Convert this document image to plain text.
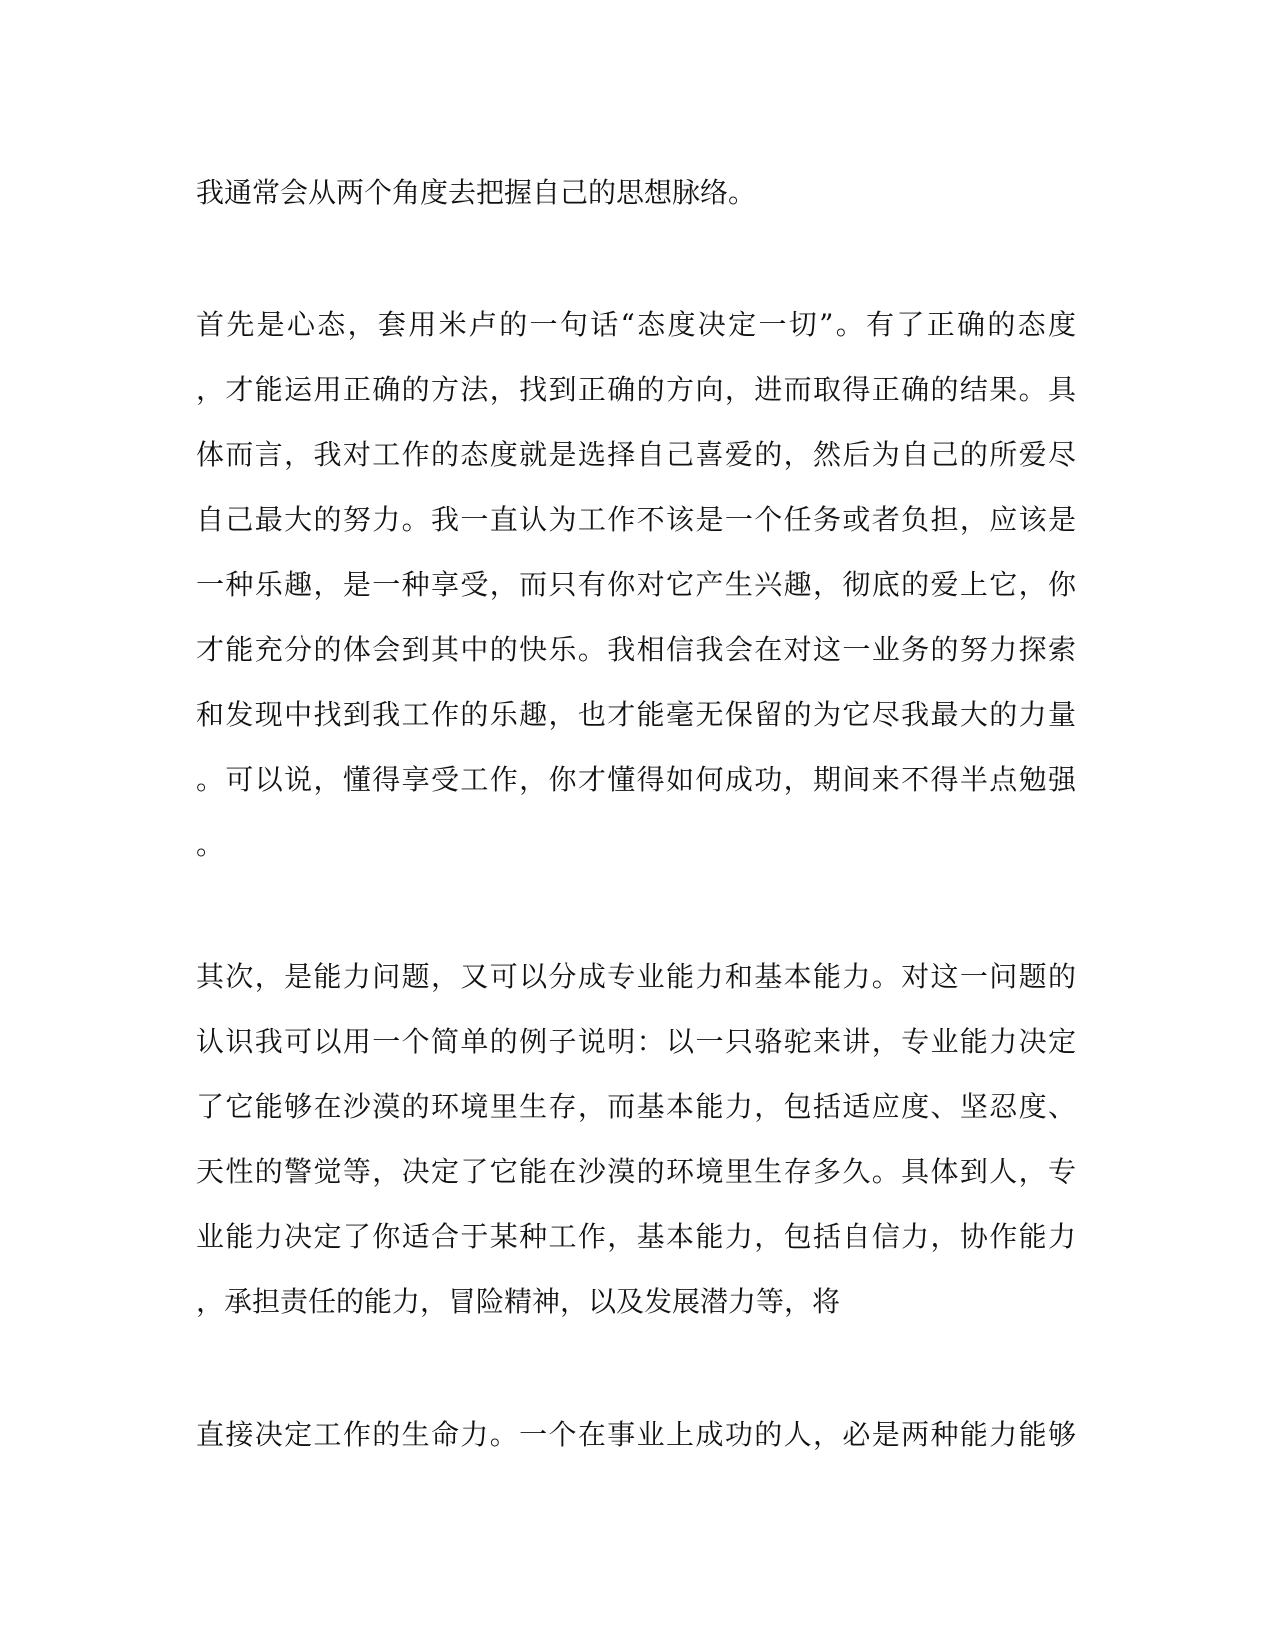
我通常会从两个角度去把握自己的思想脉络。

首先是心态，套用米卢的一句话“态度决定一切”。有了正确的态度
，才能运用正确的方法，找到正确的方向，进而取得正确的结果。具
体而言，我对工作的态度就是选择自己喜爱的，然后为自己的所爱尽
自己最大的努力。我一直认为工作不该是一个任务或者负担，应该是
一种乐趣，是一种享受，而只有你对它产生兴趣，彻底的爱上它，你
才能充分的体会到其中的快乐。我相信我会在对这一业务的努力探索
和发现中找到我工作的乐趣，也才能毫无保留的为它尽我最大的力量
。可以说，懂得享受工作，你才懂得如何成功，期间来不得半点勉强
。

其次，是能力问题，又可以分成专业能力和基本能力。对这一问题的
认识我可以用一个简单的例子说明：以一只骆驼来讲，专业能力决定
了它能够在沙漠的环境里生存，而基本能力，包括适应度、坚忍度、
天性的警觉等，决定了它能在沙漠的环境里生存多久。具体到人，专
业能力决定了你适合于某种工作，基本能力，包括自信力，协作能力
，承担责任的能力，冒险精神，以及发展潜力等，将

直接决定工作的生命力。一个在事业上成功的人，必是两种能力能够
